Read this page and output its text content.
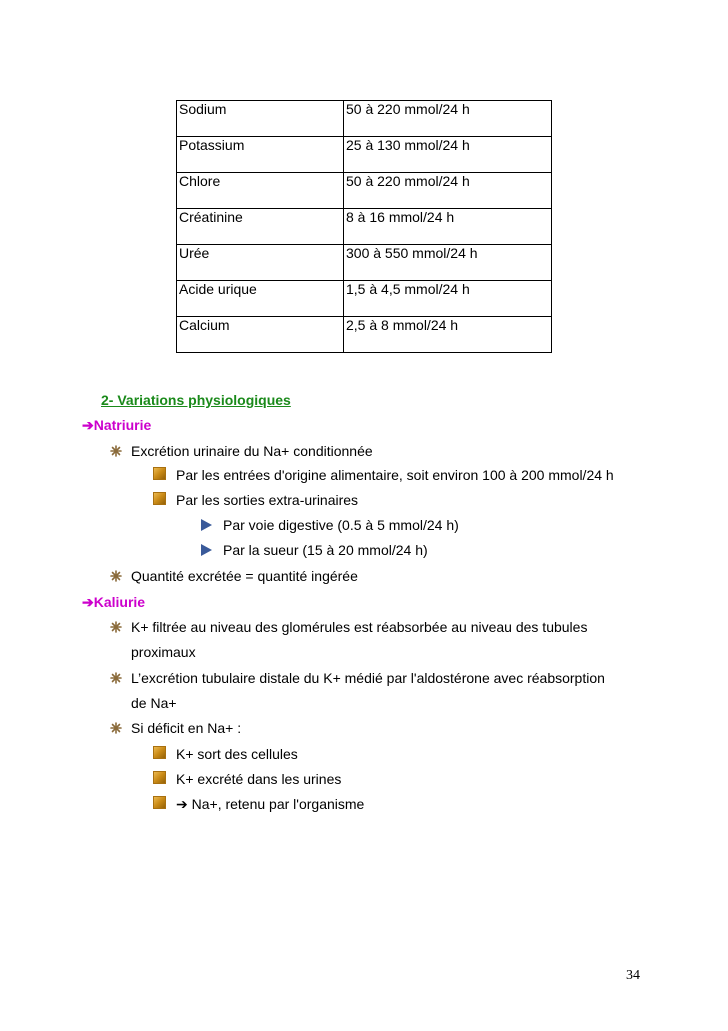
Sodium	50 à 220 mmol/24 h

Potassium	25 à 130 mmol/24 h

Chlore	50 à 220 mmol/24 h

Créatinine	8 à 16 mmol/24 h

Urée	300 à 550 mmol/24 h

Acide urique	1,5 à 4,5 mmol/24 h

Calcium	2,5 à 8 mmol/24 h
2- Variations physiologiques
➔Natriurie
Excrétion urinaire du Na+ conditionnée
Par les entrées d'origine alimentaire, soit environ 100 à 200 mmol/24 h
Par les sorties extra-urinaires
Par voie digestive (0.5 à 5 mmol/24 h)
Par la sueur (15 à 20 mmol/24 h)
Quantité excrétée = quantité ingérée
➔Kaliurie
K+ filtrée au niveau des glomérules est réabsorbée au niveau des tubules
proximaux
L’excrétion tubulaire distale du K+ médié par l'aldostérone avec réabsorption
de Na+
Si déficit en Na+ :
K+ sort des cellules
K+ excrété dans les urines
➔ Na+, retenu par l'organisme
34
